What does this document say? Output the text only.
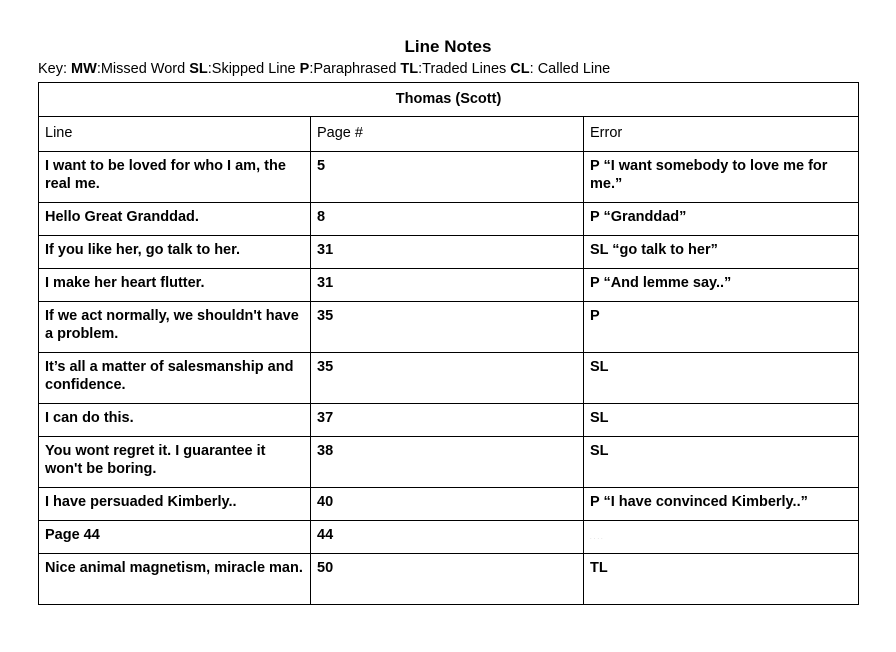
Line Notes
Key: MW:Missed Word SL:Skipped Line P:Paraphrased TL:Traded Lines CL: Called Line
Thomas (Scott)		
Line	Page #	Error
I want to be loved for who I am, the real me.	5	P “I want somebody to love me for me.”
Hello Great Granddad.	8	P “Granddad”
If you like her, go talk to her.	31	SL “go talk to her”
I make her heart flutter.	31	P “And lemme say..”
If we act normally, we shouldn't have a problem.	35	P
It’s all a matter of salesmanship and confidence.	35	SL
I can do this.	37	SL
You wont regret it. I guarantee it won't be boring.	38	SL
I have persuaded Kimberly..	40	P “I have convinced Kimberly..”
Page 44	44	....
Nice animal magnetism, miracle man.	50	TL
